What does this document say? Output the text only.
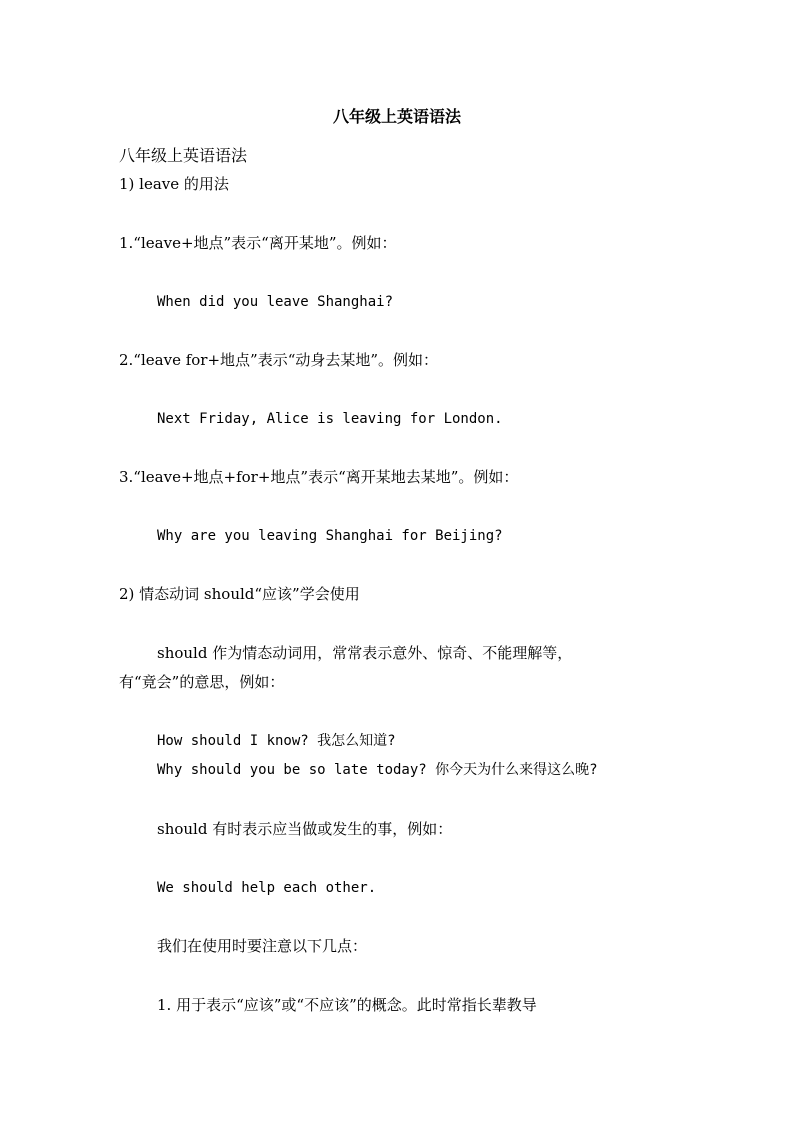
八年级上英语语法
八年级上英语语法
1) leave 的用法
1.“leave+地点”表示“离开某地”。例如：
When did you leave Shanghai?
2.“leave for+地点”表示“动身去某地”。例如：
Next Friday, Alice is leaving for London.
3.“leave+地点+for+地点”表示“离开某地去某地”。例如：
Why are you leaving Shanghai for Beijing?
2) 情态动词 should“应该”学会使用
should 作为情态动词用，常常表示意外、惊奇、不能理解等，
有“竟会”的意思，例如：
How should I know? 我怎么知道?
Why should you be so late today? 你今天为什么来得这么晚?
should 有时表示应当做或发生的事，例如：
We should help each other.
我们在使用时要注意以下几点：
1. 用于表示“应该”或“不应该”的概念。此时常指长辈教导
